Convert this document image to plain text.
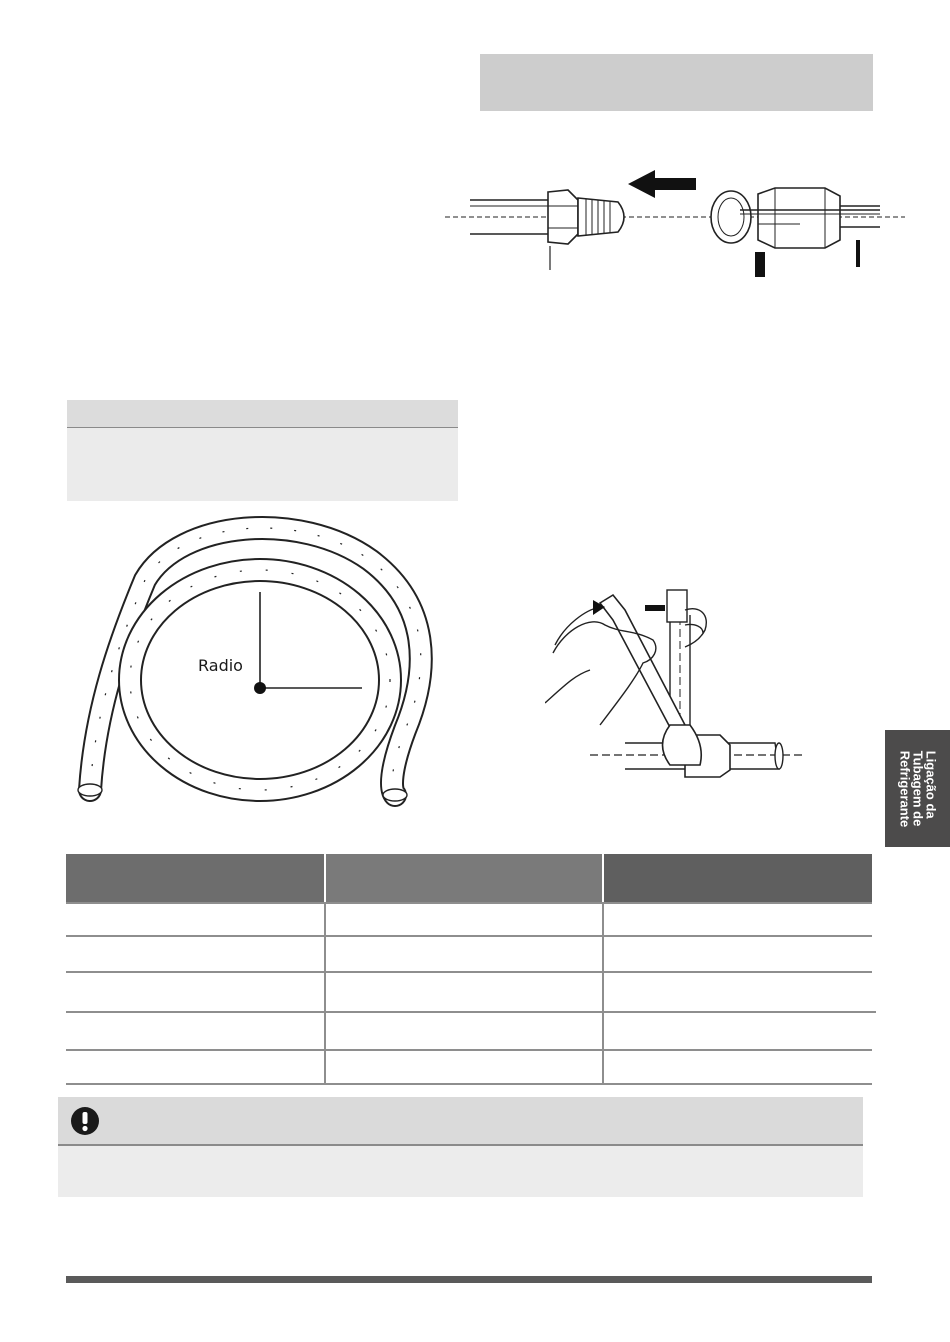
Radio
Ligação da
Tubagem de
Refrigerante
